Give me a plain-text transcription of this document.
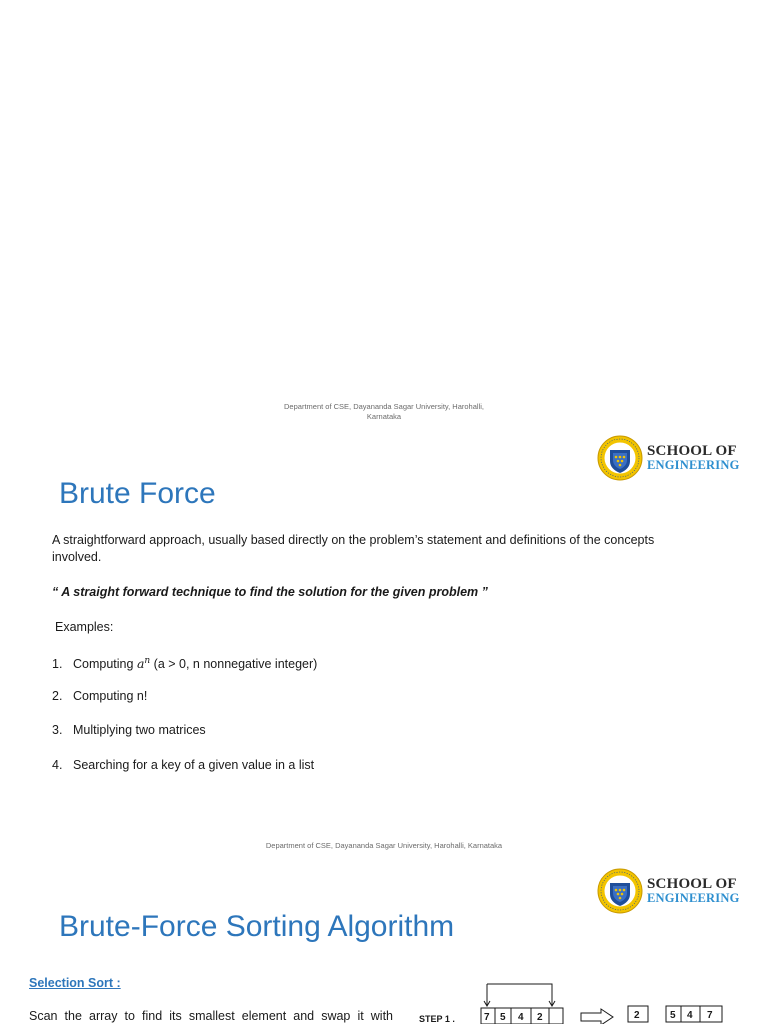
Department of CSE, Dayananda Sagar University, Harohalli,
Karnataka
SCHOOL OF
ENGINEERING
Brute Force
A straightforward approach, usually based directly on the problem’s statement and definitions of the concepts involved.
“ A straight forward technique to find the solution for the given problem ”
Examples:
1. Computing $a^n$ (a > 0, n nonnegative integer)
2. Computing n!
3. Multiplying two matrices
4. Searching for a key of a given value in a list
Department of CSE, Dayananda Sagar University, Harohalli, Karnataka
SCHOOL OF
ENGINEERING
Brute-Force Sorting Algorithm
Selection Sort :
Scan the array to find its smallest element and swap it with	STEP 1 .	7 5 4 2	2	5 4 7
